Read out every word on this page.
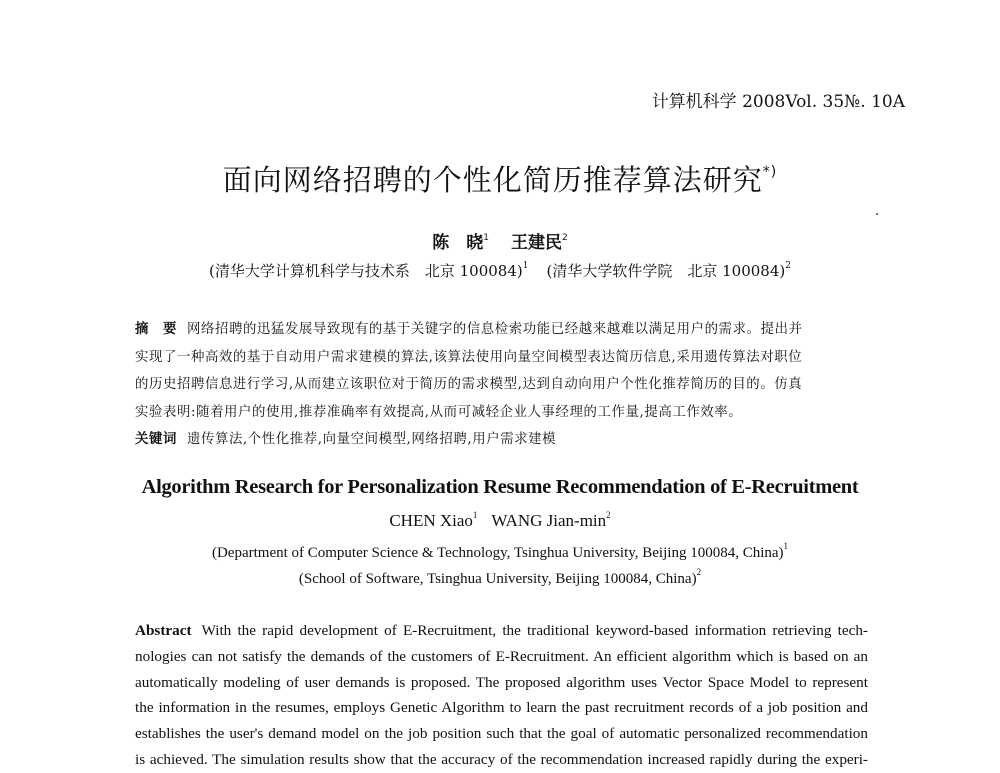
计算机科学 2008Vol. 35№. 10A
面向网络招聘的个性化简历推荐算法研究*)
陈　晓$^1$ 王建民$^2$
(清华大学计算机科学与技术系　北京 100084)$^1$ (清华大学软件学院　北京 100084)$^2$
摘　要 网络招聘的迅猛发展导致现有的基于关键字的信息检索功能已经越来越难以满足用户的需求。提出并
实现了一种高效的基于自动用户需求建模的算法,该算法使用向量空间模型表达简历信息,采用遗传算法对职位
的历史招聘信息进行学习,从而建立该职位对于简历的需求模型,达到自动向用户个性化推荐简历的目的。仿真
实验表明:随着用户的使用,推荐准确率有效提高,从而可减轻企业人事经理的工作量,提高工作效率。
关键词 遗传算法,个性化推荐,向量空间模型,网络招聘,用户需求建模
Algorithm Research for Personalization Resume Recommendation of E-Recruitment
CHEN Xiao$^1$ WANG Jian-$\min^2$
(Department of Computer Science & Technology, Tsinghua University, Beijing 100084, China)$^1$
(School of Software, Tsinghua University, Beijing 100084, China)$^2$
Abstract With the rapid development of E-Recruitment, the traditional keyword-based information retrieving tech-
nologies can not satisfy the demands of the customers of E-Recruitment. An efficient algorithm which is based on an
automatically modeling of user demands is proposed. The proposed algorithm uses Vector Space Model to represent
the information in the resumes, employs Genetic Algorithm to learn the past recruitment records of a job position and
establishes the user's demand model on the job position such that the goal of automatic personalized recommendation
is achieved. The simulation results show that the accuracy of the recommendation increased rapidly during the experi-
